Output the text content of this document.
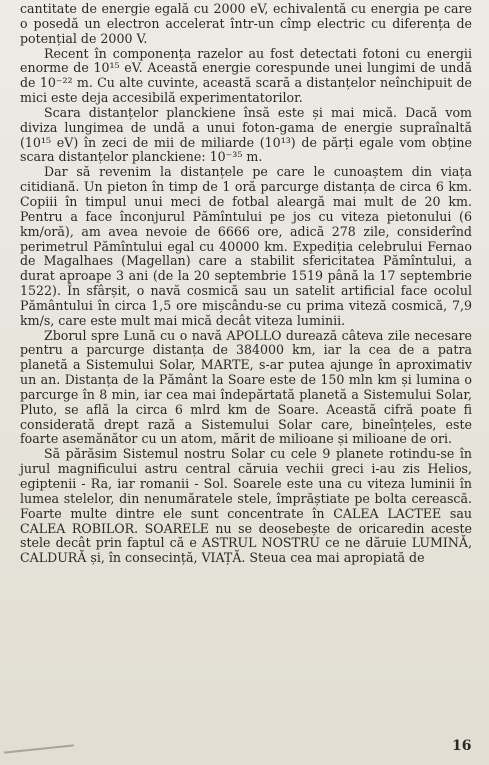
cantitate de energie egală cu 2000 eV, echivalentă cu energia pe care o posedă un electron accelerat într-un cîmp electric cu diferența de potențial de 2000 V.

Recent în componența razelor au fost detectati fotoni cu energii enorme de 10¹⁵ eV. Această energie corespunde unei lungimi de undă de 10⁻²² m. Cu alte cuvinte, această scară a distanțelor neînchipuit de mici este deja accesibilă experimentatorilor.

Scara distanțelor planckiene însă este și mai mică. Dacă vom diviza lungimea de undă a unui foton-gama de energie supraînaltă (10¹⁵ eV) în zeci de mii de miliarde (10¹³) de părți egale vom obține scara distanțelor planckiene: 10⁻³⁵ m.

Dar să revenim la distanțele pe care le cunoaștem din viața citidiană. Un pieton în timp de 1 oră parcurge distanța de circa 6 km. Copiii în timpul unui meci de fotbal aleargă mai mult de 20 km. Pentru a face înconjurul Pămîntului pe jos cu viteza pietonului (6 km/oră), am avea nevoie de 6666 ore, adică 278 zile, considerînd perimetrul Pămîntului egal cu 40000 km. Expediția celebrului Fernao de Magalhaes (Magellan) care a stabilit sfericitatea Pămîntului, a durat aproape 3 ani (de la 20 septembrie 1519 până la 17 septembrie 1522). În sfârșit, o navă cosmică sau un satelit artificial face ocolul Pământului în circa 1,5 ore mișcându-se cu prima viteză cosmică, 7,9 km/s, care este mult mai mică decât viteza luminii.

Zborul spre Lună cu o navă APOLLO durează câteva zile necesare pentru a parcurge distanța de 384000 km, iar la cea de a patra planetă a Sistemului Solar, MARTE, s-ar putea ajunge în aproximativ un an. Distanța de la Pământ la Soare este de 150 mln km și lumina o parcurge în 8 min, iar cea mai îndepărtată planetă a Sistemului Solar, Pluto, se află la circa 6 mlrd km de Soare. Această cifră poate fi considerată drept rază a Sistemului Solar care, bineînțeles, este foarte asemănător cu un atom, mărit de milioane și milioane de ori.

Să părăsim Sistemul nostru Solar cu cele 9 planete rotindu-se în jurul magnificului astru central căruia vechii greci i-au zis Helios, egiptenii - Ra, iar romanii - Sol. Soarele este una cu viteza luminii în lumea stelelor, din nenumăratele stele, împrăștiate pe bolta cerească. Foarte multe dintre ele sunt concentrate în CALEA LACTEE sau CALEA ROBILOR. SOARELE nu se deosebește de oricaredin aceste stele decât prin faptul că e ASTRUL NOSTRU ce ne dăruie LUMINĂ, CALDURĂ și, în consecință, VIAȚĂ. Steua cea mai apropiată de

16
